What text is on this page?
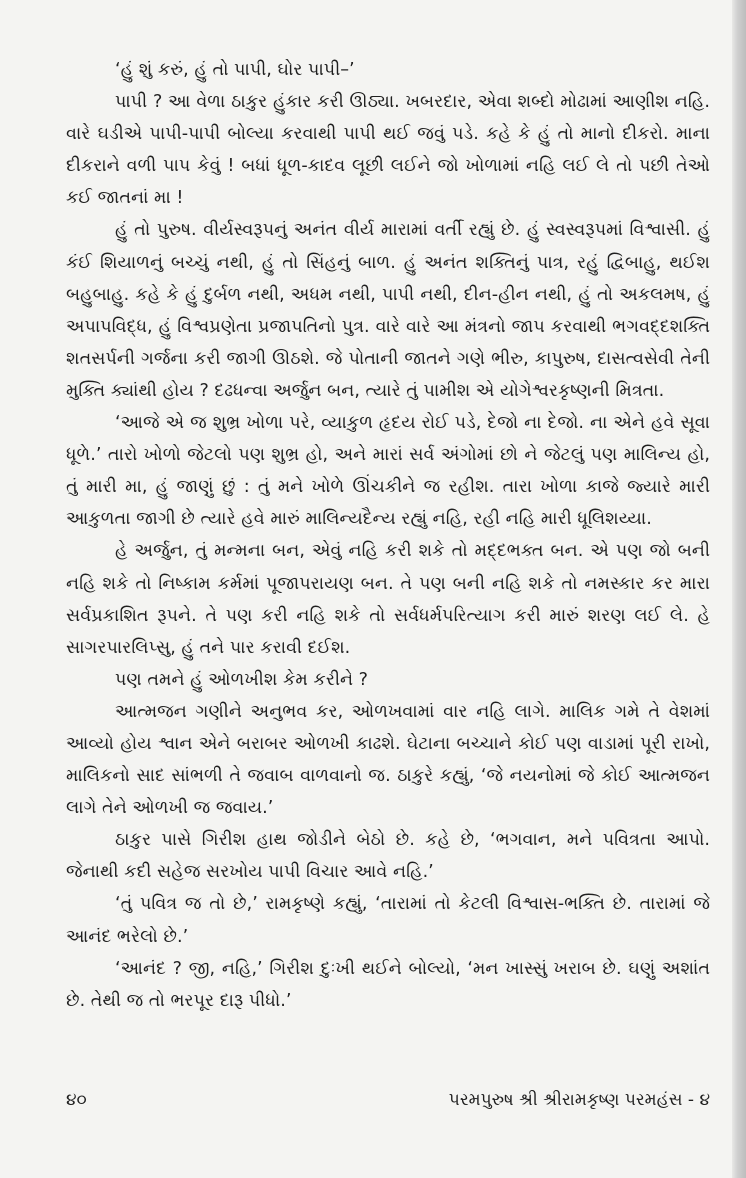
‘હું શું કરું, હું તો પાપી, ઘોર પાપી–’

પાપી ? આ વેળા ઠાકુર હુંકાર કરી ઊઠ્યા. ખબરદાર, એવા શબ્દો મોઢામાં આણીશ નહિ. વારે ઘડીએ પાપી-પાપી બોલ્યા કરવાથી પાપી થઈ જવું પડે. કહે કે હું તો માનો દીકરો. માના દીકરાને વળી પાપ કેવું ! બધાં ધૂળ-કાદવ લૂછી લઈને જો ખોળામાં નહિ લઈ લે તો પછી તેઓ કઈ જાતનાં મા !

હું તો પુરુષ. વીર્યસ્વરૂપનું અનંત વીર્ય મારામાં વર્તી રહ્યું છે. હું સ્વસ્વરૂપમાં વિશ્વાસી. હું કંઈ શિયાળનું બચ્ચું નથી, હું તો સિંહનું બાળ. હું અનંત શક્તિનું પાત્ર, રહું દ્વિબાહુ, થઈશ બહુબાહુ. કહે કે હું દુર્બળ નથી, અધમ નથી, પાપી નથી, દીન-હીન નથી, હું તો અકલમષ, હું અપાપવિદ્ધ, હું વિશ્વપ્રણેતા પ્રજાપતિનો પુત્ર. વારે વારે આ મંત્રનો જાપ કરવાથી ભગવદ્દશક્તિ શતસર્પની ગર્જના કરી જાગી ઊઠશે. જે પોતાની જાતને ગણે ભીરુ, કાપુરુષ, દાસત્વસેવી તેની મુક્તિ ક્યાંથી હોય ? દઢધન્વા અર્જુન બન, ત્યારે તું પામીશ એ યોગેશ્વરકૃષ્ણની મિત્રતા.

‘આજે એ જ શુભ્ર ખોળા પરે, વ્યાકુળ હૃદય રોઈ પડે, દેજો ના દેજો. ના એને હવે સૂવા ધૂળે.’ તારો ખોળો જેટલો પણ શુભ્ર હો, અને મારાં સર્વ અંગોમાં છો ને જેટલું પણ માલિન્ય હો, તું મારી મા, હું જાણું છું : તું મને ખોળે ઊંચકીને જ રહીશ. તારા ખોળા કાજે જ્યારે મારી આકુળતા જાગી છે ત્યારે હવે મારું માલિન્યદૈન્ય રહ્યું નહિ, રહી નહિ મારી ધૂલિશય્યા.

હે અર્જુન, તું મન્મના બન, એવું નહિ કરી શકે તો મદ્દભક્ત બન. એ પણ જો બની નહિ શકે તો નિષ્કામ કર્મમાં પૂજાપરાયણ બન. તે પણ બની નહિ શકે તો નમસ્કાર કર મારા સર્વપ્રકાશિત રૂપને. તે પણ કરી નહિ શકે તો સર્વધર્મપરિત્યાગ કરી મારું શરણ લઈ લે. હે સાગરપારલિપ્સુ, હું તને પાર કરાવી દઈશ.

પણ તમને હું ઓળખીશ કેમ કરીને ?

આત્મજન ગણીને અનુભવ કર, ઓળખવામાં વાર નહિ લાગે. માલિક ગમે તે વેશમાં આવ્યો હોય શ્વાન એને બરાબર ઓળખી કાઢશે. ઘેટાના બચ્ચાને કોઈ પણ વાડામાં પૂરી રાખો, માલિકનો સાદ સાંભળી તે જવાબ વાળવાનો જ. ઠાકુરે કહ્યું, ‘જે નયનોમાં જે કોઈ આત્મજન લાગે તેને ઓળખી જ જવાય.’

ઠાકુર પાસે ગિરીશ હાથ જોડીને બેઠો છે. કહે છે, ‘ભગવાન, મને પવિત્રતા આપો. જેનાથી કદી સહેજ સરખોય પાપી વિચાર આવે નહિ.’

‘તું પવિત્ર જ તો છે,’ રામકૃષ્ણે કહ્યું, ‘તારામાં તો કેટલી વિશ્વાસ-ભક્તિ છે. તારામાં જે આનંદ ભરેલો છે.’

‘આનંદ ? જી, નહિ,’ ગિરીશ દુઃખી થઈને બોલ્યો, ‘મન ખાસ્સું ખરાબ છે. ઘણું અશાંત છે. તેથી જ તો ભરપૂર દારૂ પીધો.’

૪૦	પરમપુરુષ શ્રી શ્રીરામકૃષ્ણ પરમહંસ - ૪
